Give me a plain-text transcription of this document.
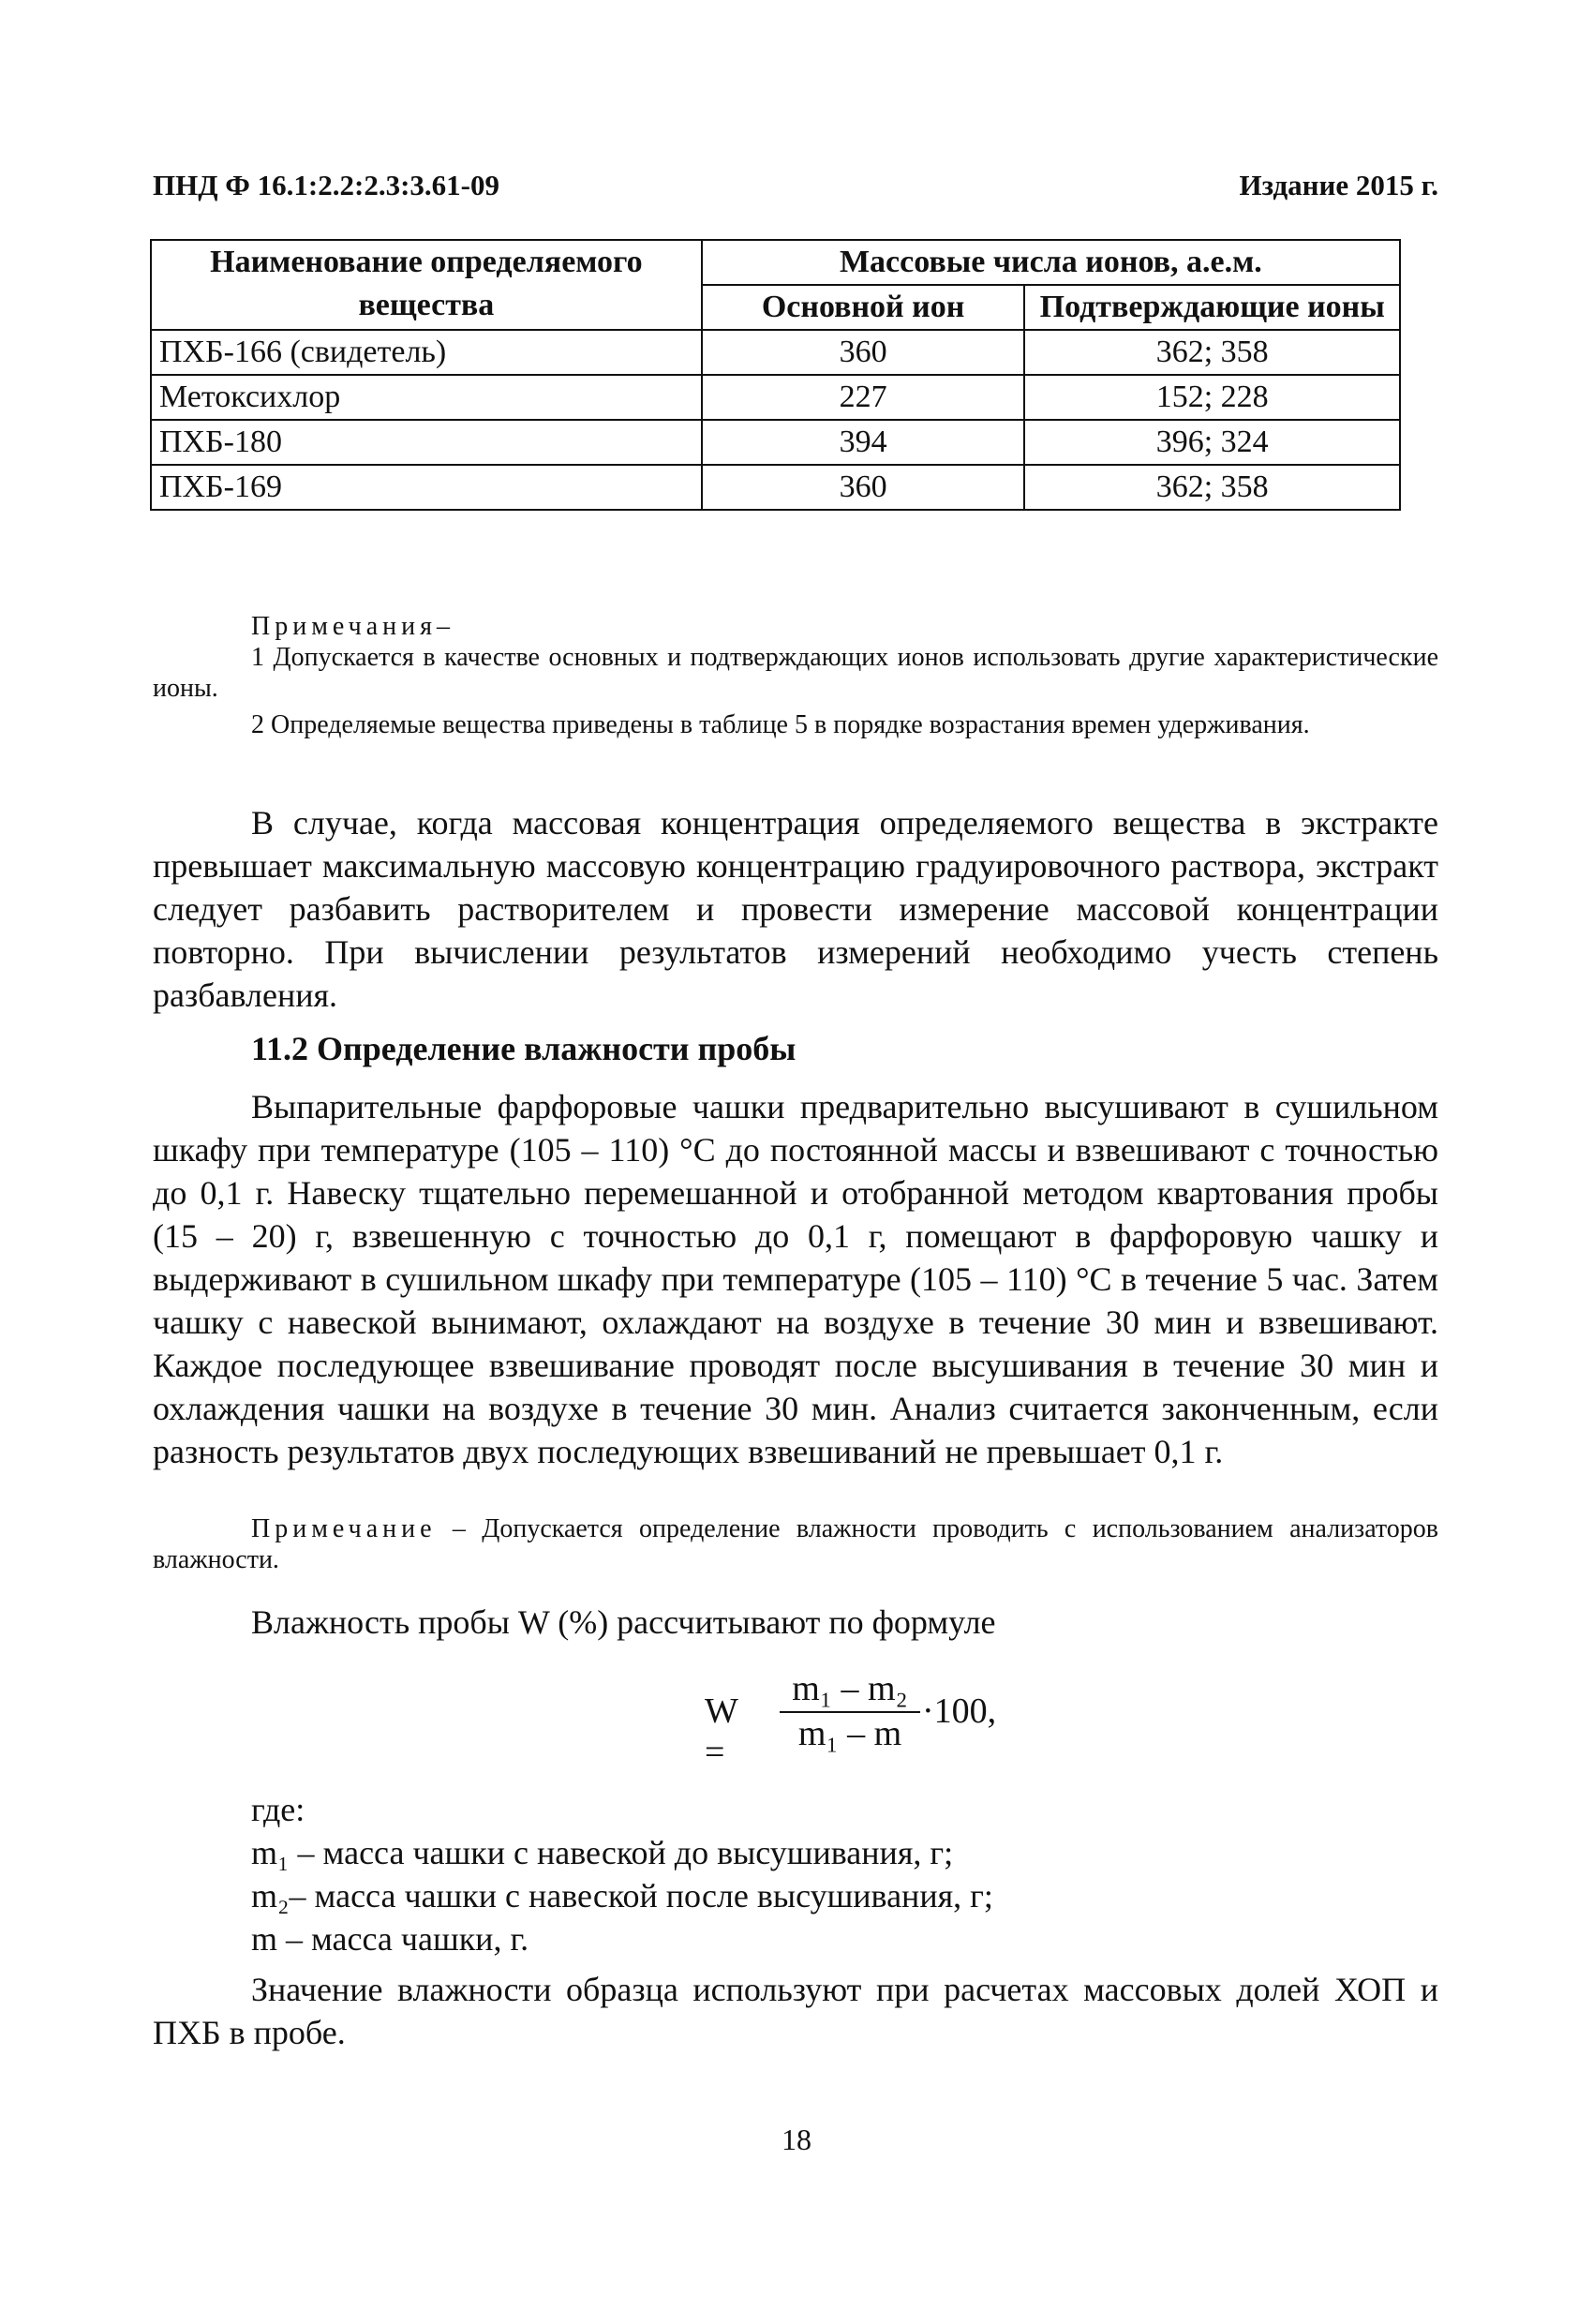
ПНД Ф 16.1:2.2:2.3:3.61-09	Издание 2015 г.
Наименование определяемого вещества	Массовые числа ионов, а.е.м.	
	Основной ион	Подтверждающие ионы
ПХБ-166 (свидетель)	360	362; 358
Метоксихлор	227	152; 228
ПХБ-180	394	396; 324
ПХБ-169	360	362; 358
Примечания–
1 Допускается в качестве основных и подтверждающих ионов использовать другие характеристические ионы.
2 Определяемые вещества приведены в таблице 5 в порядке возрастания времен удерживания.
В случае, когда массовая концентрация определяемого вещества в экстракте превышает максимальную массовую концентрацию градуировочного раствора, экстракт следует разбавить растворителем и провести измерение массовой концентрации повторно. При вычислении результатов измерений необходимо учесть степень разбавления.
11.2 Определение влажности пробы
Выпарительные фарфоровые чашки предварительно высушивают в сушильном шкафу при температуре (105 – 110) °С до постоянной массы и взвешивают с точностью до 0,1 г. Навеску тщательно перемешанной и отобранной методом квартования пробы (15 – 20) г, взвешенную с точностью до 0,1 г, помещают в фарфоровую чашку и выдерживают в сушильном шкафу при температуре (105 – 110) °С в течение 5 час. Затем чашку с навеской вынимают, охлаждают на воздухе в течение 30 мин и взвешивают. Каждое последующее взвешивание проводят после высушивания в течение 30 мин и охлаждения чашки на воздухе в течение 30 мин. Анализ считается законченным, если разность результатов двух последующих взвешиваний не превышает 0,1 г.
Примечание – Допускается определение влажности проводить с использованием анализаторов влажности.
Влажность пробы W (%) рассчитывают по формуле
W =	$\frac{\text{m₁ – m₂}}{\text{m₁ – m}} \cdot 100$,
где:
m₁ – масса чашки с навеской до высушивания, г;
m₂– масса чашки с навеской после высушивания, г;
m – масса чашки, г.
Значение влажности образца используют при расчетах массовых долей ХОП и ПХБ в пробе.
18
